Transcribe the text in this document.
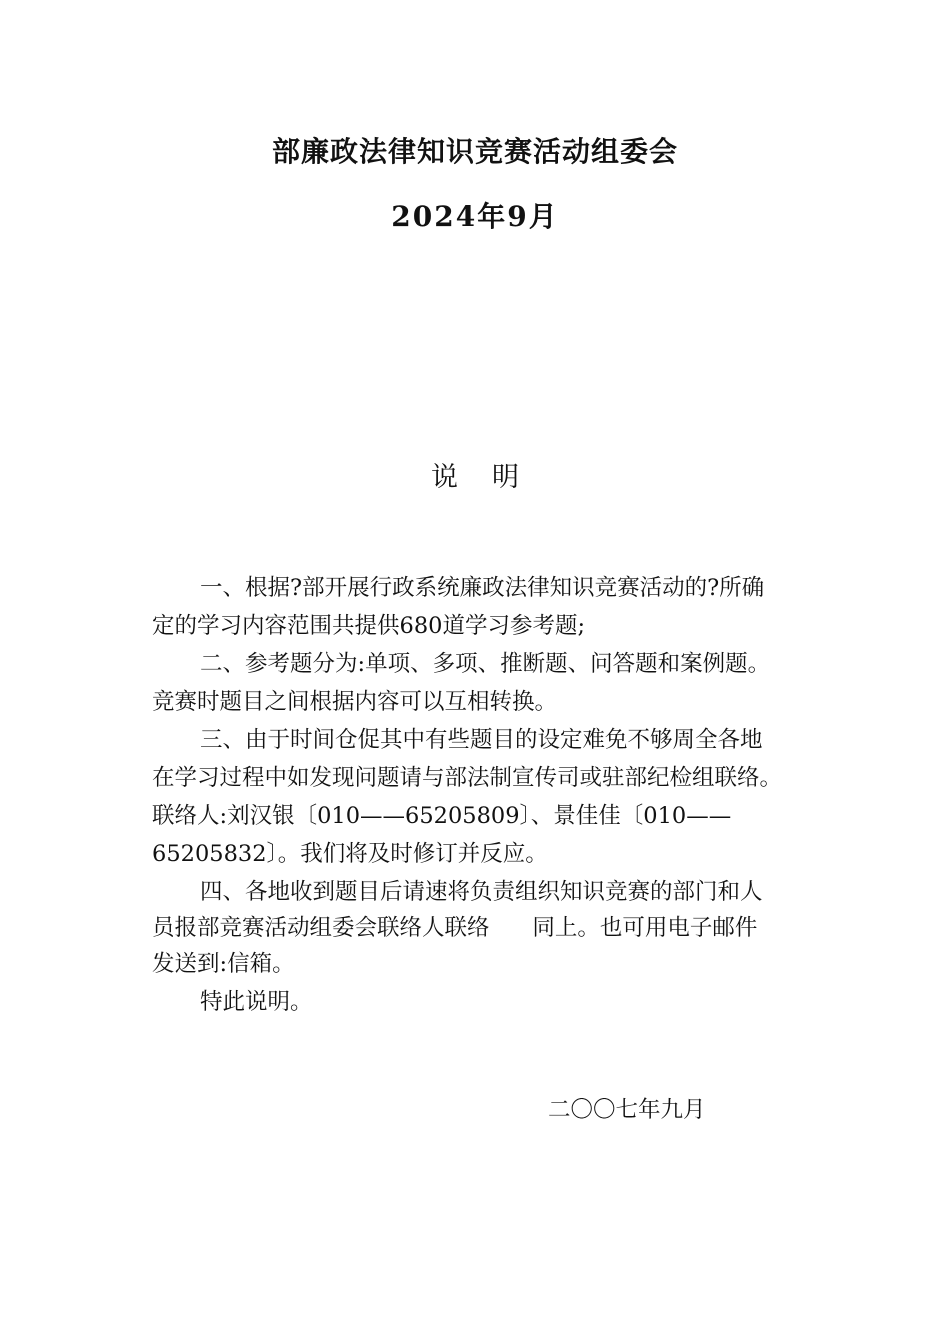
部廉政法律知识竞赛活动组委会
2024年9月
说 明
一、根据?部开展行政系统廉政法律知识竞赛活动的?所确
定的学习内容范围共提供680道学习参考题;
二、参考题分为:单项、多项、推断题、问答题和案例题。
竞赛时题目之间根据内容可以互相转换。
三、由于时间仓促其中有些题目的设定难免不够周全各地
在学习过程中如发现问题请与部法制宣传司或驻部纪检组联络。
联络人:刘汉银〔010——65205809〕、景佳佳〔010——
65205832〕。我们将及时修订并反应。
四、各地收到题目后请速将负责组织知识竞赛的部门和人
员报部竞赛活动组委会联络人联络      同上。也可用电子邮件
发送到:信箱。
特此说明。
二〇〇七年九月
